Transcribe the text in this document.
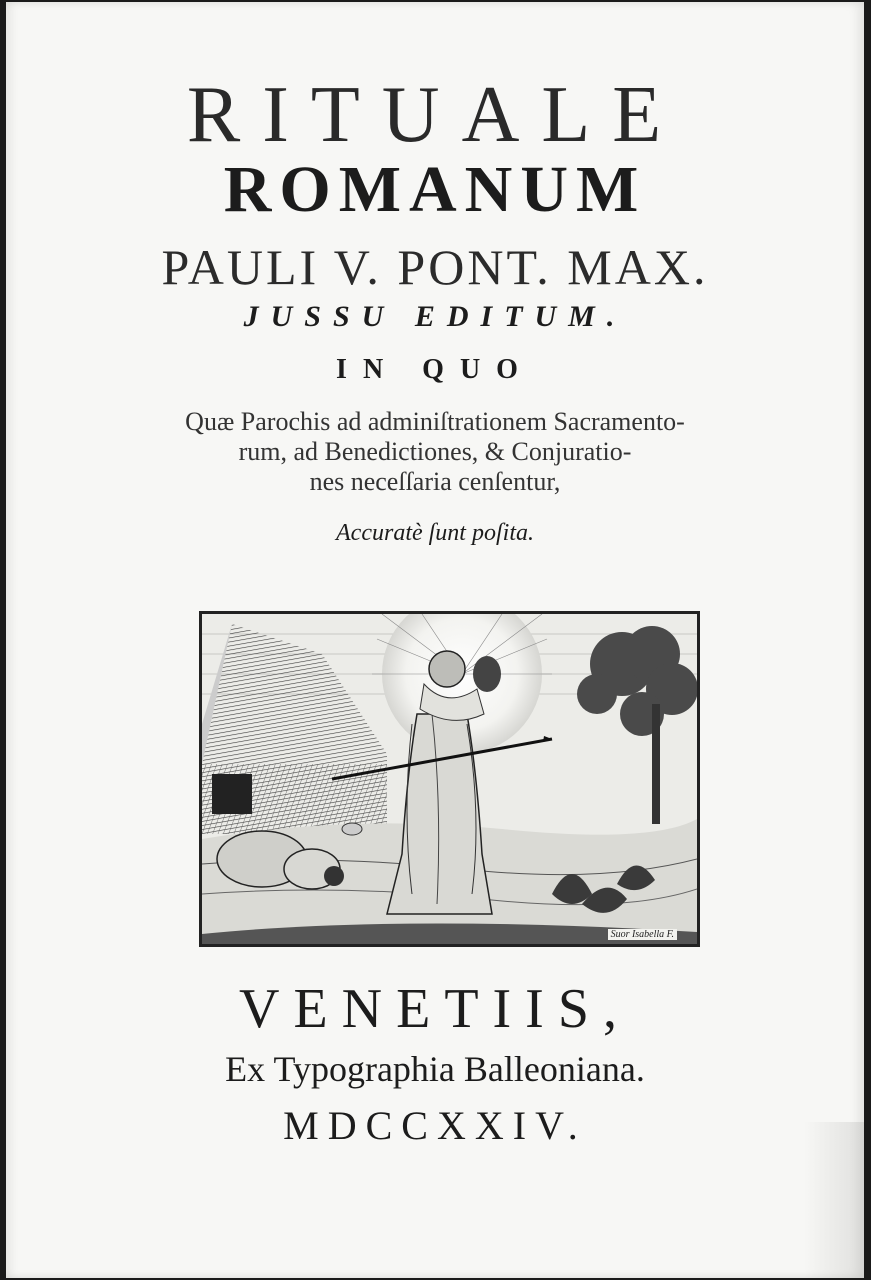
RITUALE
ROMANUM
PAULI V. PONT. MAX.
JUSSU EDITUM.
IN QUO
Quæ Parochis ad adminiſtrationem Sacramento-
rum, ad Benedictiones, & Conjuratio-
nes neceſſaria cenſentur,
Accuratè ſunt poſita.
Suor Isabella F.
VENETIIS,
Ex Typographia Balleoniana.
MDCCXXIV.
